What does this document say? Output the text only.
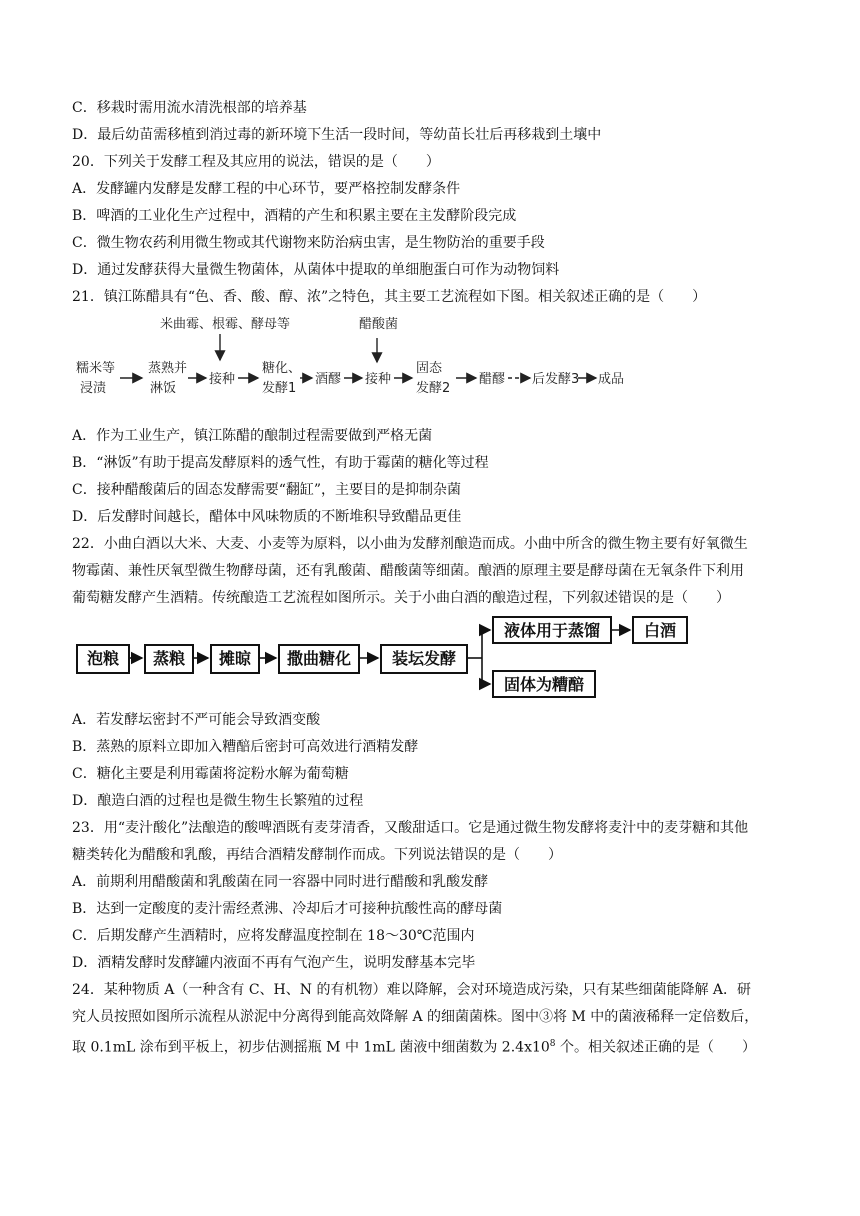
C．移栽时需用流水清洗根部的培养基
D．最后幼苗需移植到消过毒的新环境下生活一段时间，等幼苗长壮后再移栽到土壤中
20．下列关于发酵工程及其应用的说法，错误的是（　　）
A．发酵罐内发酵是发酵工程的中心环节，要严格控制发酵条件
B．啤酒的工业化生产过程中，酒精的产生和积累主要在主发酵阶段完成
C．微生物农药利用微生物或其代谢物来防治病虫害，是生物防治的重要手段
D．通过发酵获得大量微生物菌体，从菌体中提取的单细胞蛋白可作为动物饲料
21．镇江陈醋具有“色、香、酸、醇、浓”之特色，其主要工艺流程如下图。相关叙述正确的是（　　）
米曲霉、根霉、酵母等	醋酸菌
糯米等
浸渍
蒸熟并
淋饭
接种
糖化、
发酵1
酒醪 接种
固态
发酵2
醋醪 后发酵3 成品
A．作为工业生产，镇江陈醋的酿制过程需要做到严格无菌
B．“淋饭”有助于提高发酵原料的透气性，有助于霉菌的糖化等过程
C．接种醋酸菌后的固态发酵需要“翻缸”，主要目的是抑制杂菌
D．后发酵时间越长，醋体中风味物质的不断堆积导致醋品更佳
22．小曲白酒以大米、大麦、小麦等为原料，以小曲为发酵剂酿造而成。小曲中所含的微生物主要有好氧微生
物霉菌、兼性厌氧型微生物酵母菌，还有乳酸菌、醋酸菌等细菌。酿酒的原理主要是酵母菌在无氧条件下利用
葡萄糖发酵产生酒精。传统酿造工艺流程如图所示。关于小曲白酒的酿造过程，下列叙述错误的是（　　）
泡粮	蒸粮	摊晾	撒曲糖化	装坛发酵
液体用于蒸馏	白酒
固体为糟醅
A．若发酵坛密封不严可能会导致酒变酸
B．蒸熟的原料立即加入糟醅后密封可高效进行酒精发酵
C．糖化主要是利用霉菌将淀粉水解为葡萄糖
D．酿造白酒的过程也是微生物生长繁殖的过程
23．用“麦汁酸化”法酿造的酸啤酒既有麦芽清香，又酸甜适口。它是通过微生物发酵将麦汁中的麦芽糖和其他
糖类转化为醋酸和乳酸，再结合酒精发酵制作而成。下列说法错误的是（　　）
A．前期利用醋酸菌和乳酸菌在同一容器中同时进行醋酸和乳酸发酵
B．达到一定酸度的麦汁需经煮沸、冷却后才可接种抗酸性高的酵母菌
C．后期发酵产生酒精时，应将发酵温度控制在 18～30℃范围内
D．酒精发酵时发酵罐内液面不再有气泡产生，说明发酵基本完毕
24．某种物质 A（一种含有 C、H、N 的有机物）难以降解，会对环境造成污染，只有某些细菌能降解 A．研
究人员按照如图所示流程从淤泥中分离得到能高效降解 A 的细菌菌株。图中③将 M 中的菌液稀释一定倍数后，
取 0.1mL 涂布到平板上，初步估测摇瓶 M 中 1mL 菌液中细菌数为 $2.4x10^8$ 个。相关叙述正确的是（　　）
